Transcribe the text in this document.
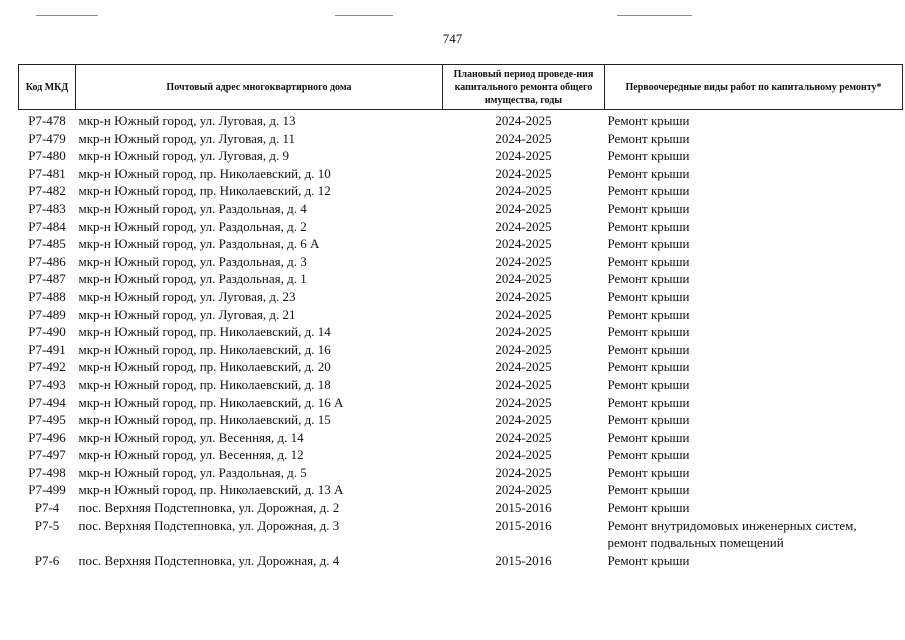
747
Код МКД	Почтовый адрес многоквартирного дома	Плановый период проведе-ния капитального ремонта общего имущества, годы	Первоочередные виды работ по капитальному ремонту*
Р7-478	мкр-н Южный город, ул. Луговая, д. 13	2024-2025	Ремонт крыши
Р7-479	мкр-н Южный город, ул. Луговая, д. 11	2024-2025	Ремонт крыши
Р7-480	мкр-н Южный город, ул. Луговая, д. 9	2024-2025	Ремонт крыши
Р7-481	мкр-н Южный город, пр. Николаевский, д. 10	2024-2025	Ремонт крыши
Р7-482	мкр-н Южный город, пр. Николаевский, д. 12	2024-2025	Ремонт крыши
Р7-483	мкр-н Южный город, ул. Раздольная, д. 4	2024-2025	Ремонт крыши
Р7-484	мкр-н Южный город, ул. Раздольная, д. 2	2024-2025	Ремонт крыши
Р7-485	мкр-н Южный город, ул. Раздольная, д. 6 А	2024-2025	Ремонт крыши
Р7-486	мкр-н Южный город, ул. Раздольная, д. 3	2024-2025	Ремонт крыши
Р7-487	мкр-н Южный город, ул. Раздольная, д. 1	2024-2025	Ремонт крыши
Р7-488	мкр-н Южный город, ул. Луговая, д. 23	2024-2025	Ремонт крыши
Р7-489	мкр-н Южный город, ул. Луговая, д. 21	2024-2025	Ремонт крыши
Р7-490	мкр-н Южный город, пр. Николаевский, д. 14	2024-2025	Ремонт крыши
Р7-491	мкр-н Южный город, пр. Николаевский, д. 16	2024-2025	Ремонт крыши
Р7-492	мкр-н Южный город, пр. Николаевский, д. 20	2024-2025	Ремонт крыши
Р7-493	мкр-н Южный город, пр. Николаевский, д. 18	2024-2025	Ремонт крыши
Р7-494	мкр-н Южный город, пр. Николаевский, д. 16 А	2024-2025	Ремонт крыши
Р7-495	мкр-н Южный город, пр. Николаевский, д. 15	2024-2025	Ремонт крыши
Р7-496	мкр-н Южный город, ул. Весенняя, д. 14	2024-2025	Ремонт крыши
Р7-497	мкр-н Южный город, ул. Весенняя, д. 12	2024-2025	Ремонт крыши
Р7-498	мкр-н Южный город, ул. Раздольная, д. 5	2024-2025	Ремонт крыши
Р7-499	мкр-н Южный город, пр. Николаевский, д. 13 А	2024-2025	Ремонт крыши
Р7-4	пос. Верхняя Подстепновка, ул. Дорожная, д. 2	2015-2016	Ремонт крыши
Р7-5	пос. Верхняя Подстепновка, ул. Дорожная, д. 3	2015-2016	Ремонт внутридомовых инженерных систем, ремонт подвальных помещений
Р7-6	пос. Верхняя Подстепновка, ул. Дорожная, д. 4	2015-2016	Ремонт крыши
